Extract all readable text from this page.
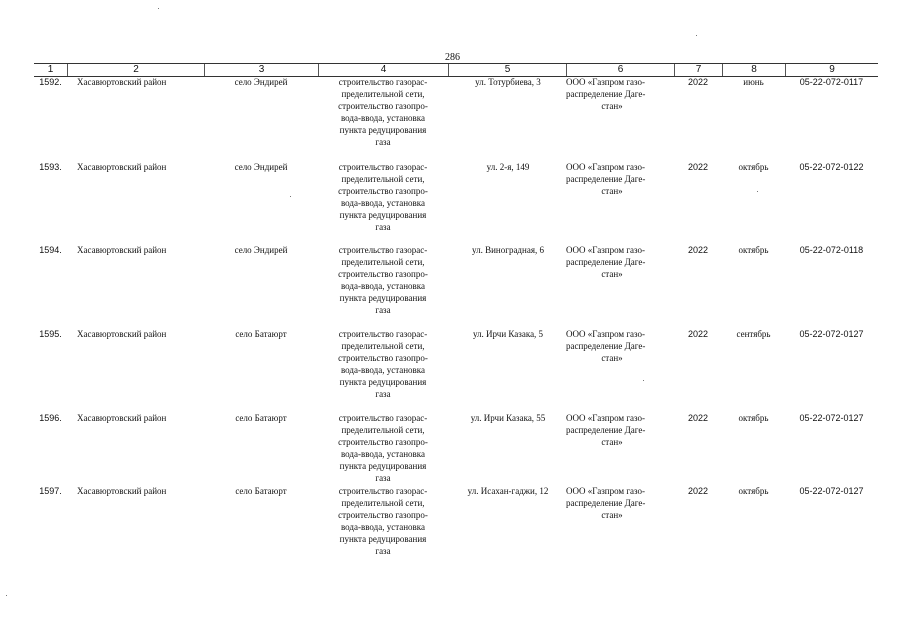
286
1	2	3	4	5	6	7	8	9
1592.	Хасавюртовский район	село Эндирей	строительство газорас-
пределительной сети,
строительство газопро-
вода-ввода, установка
пункта редуцирования
газа
ул. Тотурбиева, 3	ООО «Газпром газо-
распределение Даге-
стан»
2022	июнь	05-22-072-0117
1593.	Хасавюртовский район	село Эндирей	строительство газорас-
пределительной сети,
строительство газопро-
вода-ввода, установка
пункта редуцирования
газа
ул. 2-я, 149	ООО «Газпром газо-
распределение Даге-
стан»
2022	октябрь	05-22-072-0122
1594.	Хасавюртовский район	село Эндирей	строительство газорас-
пределительной сети,
строительство газопро-
вода-ввода, установка
пункта редуцирования
газа
ул. Виноградная, 6	ООО «Газпром газо-
распределение Даге-
стан»
2022	октябрь	05-22-072-0118
1595.	Хасавюртовский район	село Батаюрт	строительство газорас-
пределительной сети,
строительство газопро-
вода-ввода, установка
пункта редуцирования
газа
ул. Ирчи Казака, 5	ООО «Газпром газо-
распределение Даге-
стан»
2022	сентябрь	05-22-072-0127
1596.	Хасавюртовский район	село Батаюрт	строительство газорас-
пределительной сети,
строительство газопро-
вода-ввода, установка
пункта редуцирования
газа
ул. Ирчи Казака, 55	ООО «Газпром газо-
распределение Даге-
стан»
2022	октябрь	05-22-072-0127
1597.	Хасавюртовский район	село Батаюрт	строительство газорас-
пределительной сети,
строительство газопро-
вода-ввода, установка
пункта редуцирования
газа
ул. Исахан-гаджи, 12	ООО «Газпром газо-
распределение Даге-
стан»
2022	октябрь	05-22-072-0127
